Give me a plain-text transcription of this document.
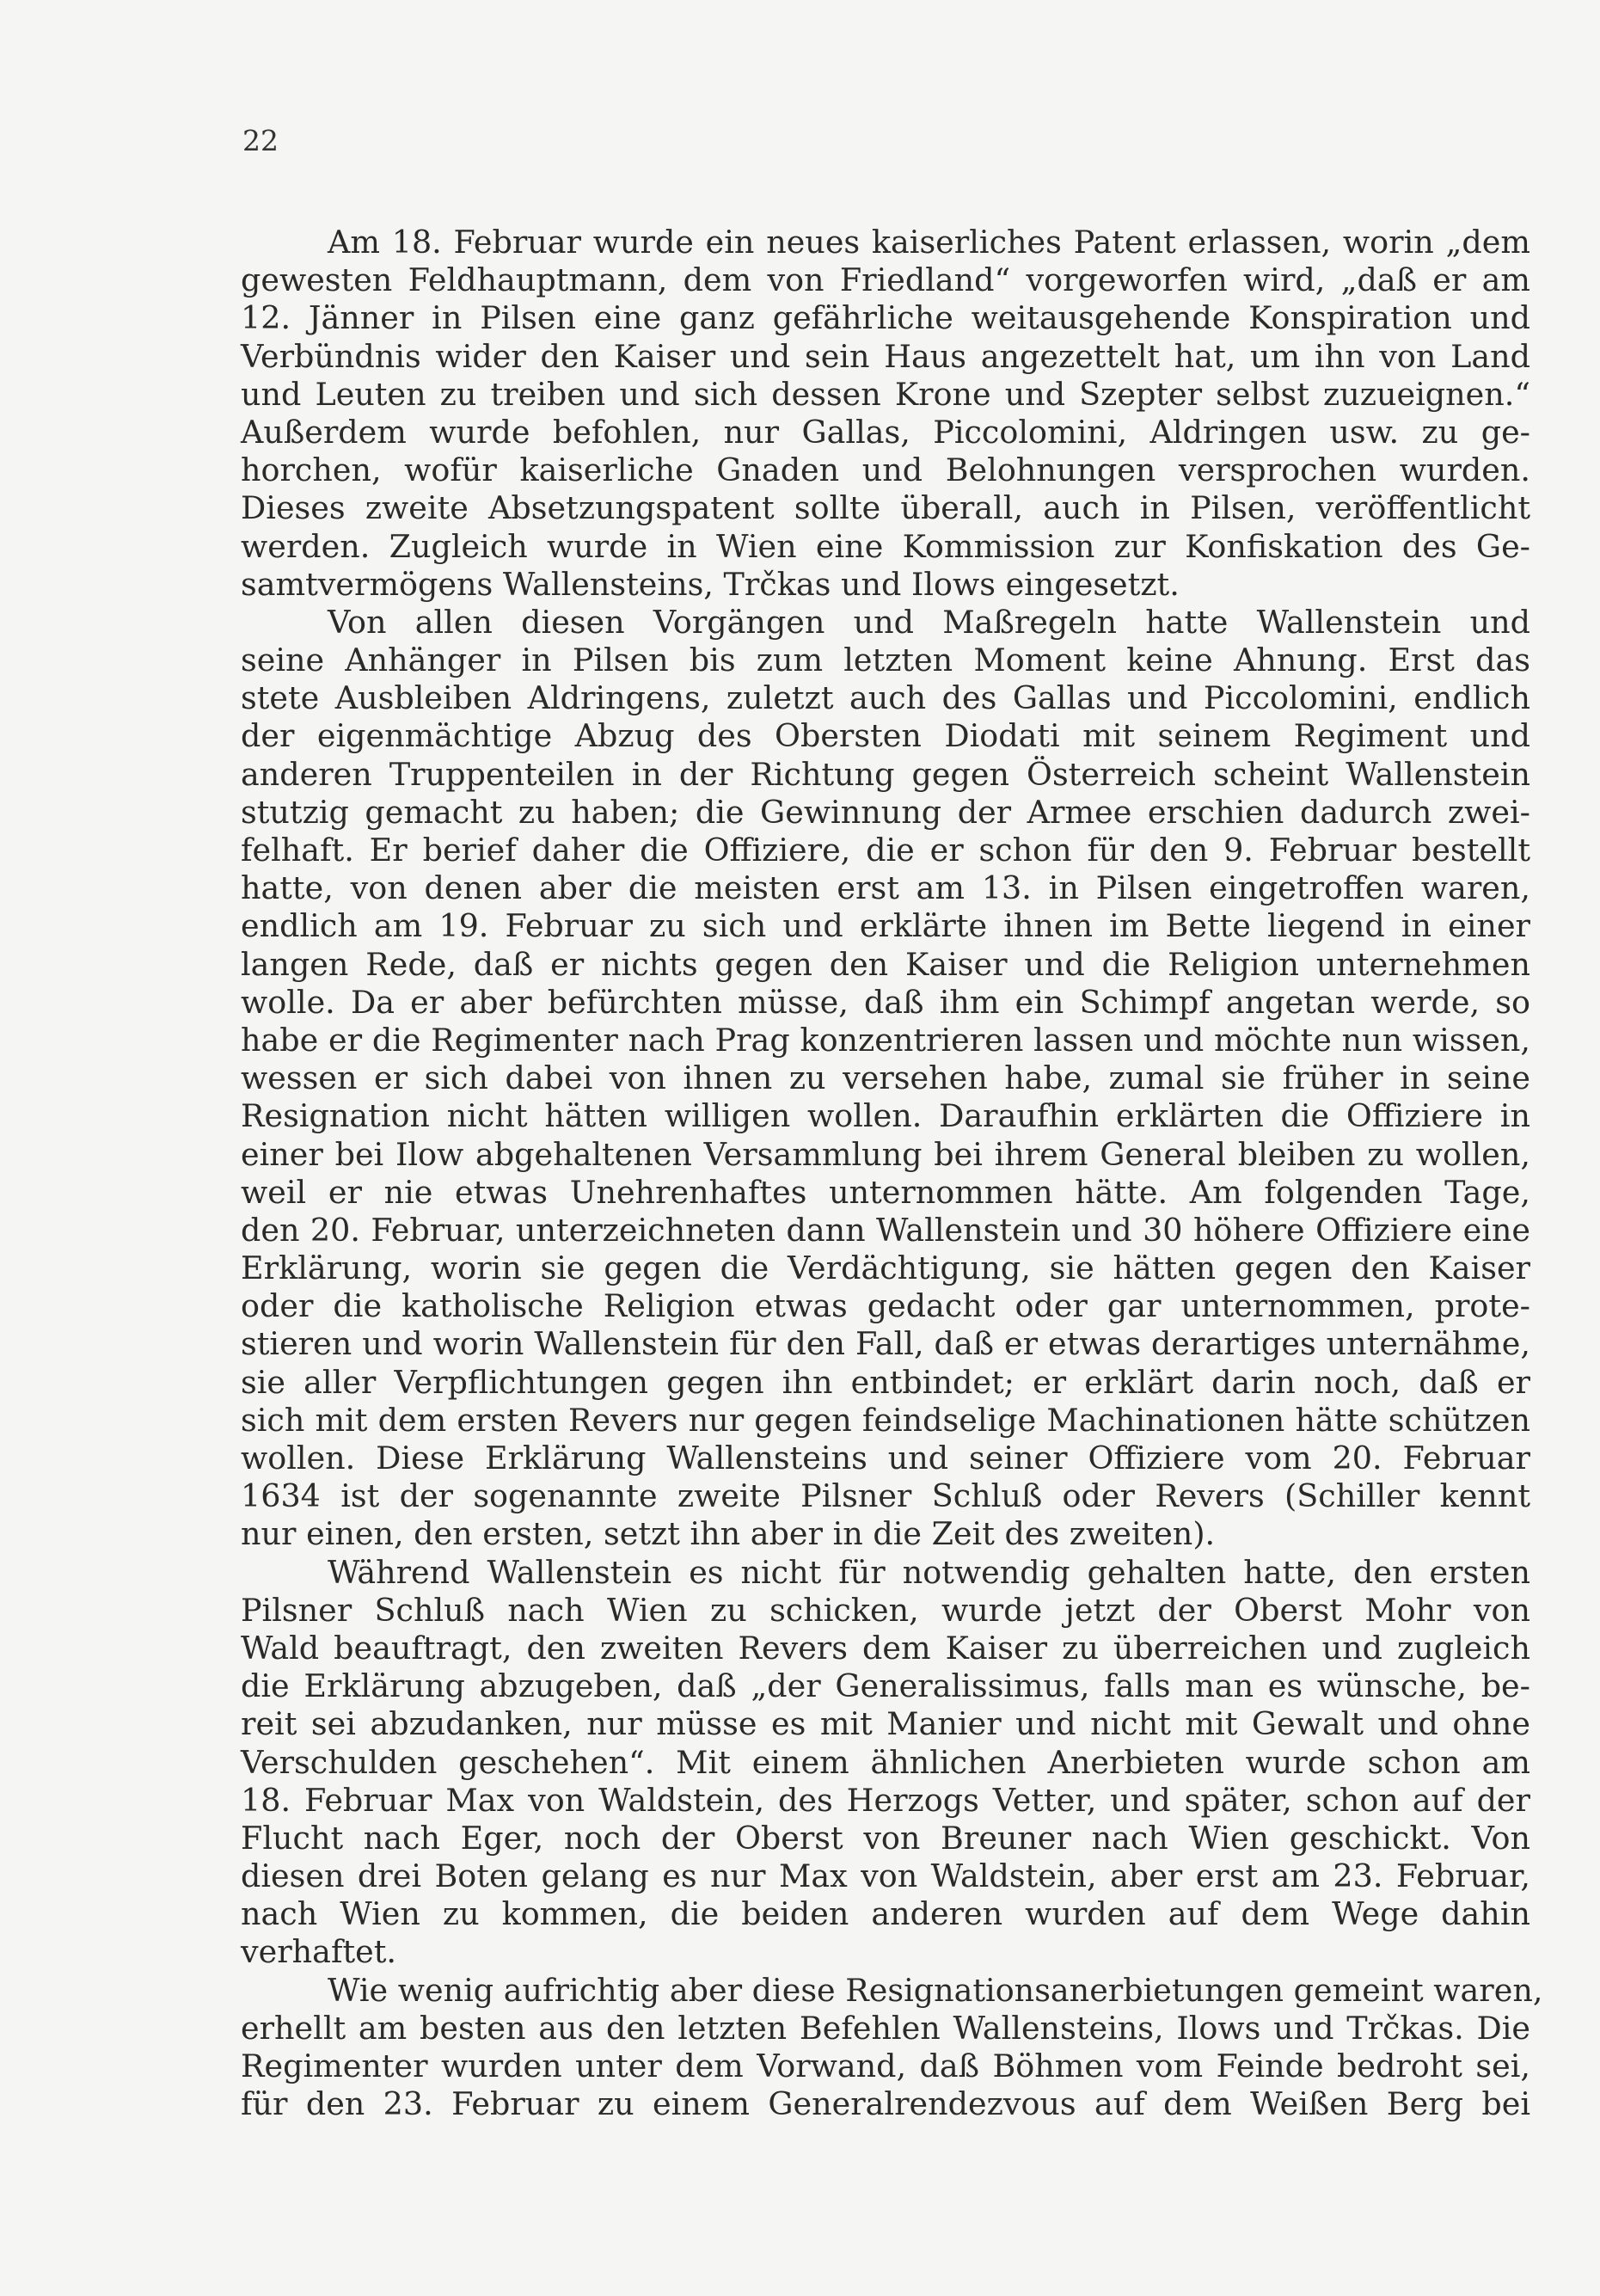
22
Am 18. Februar wurde ein neues kaiserliches Patent erlassen, worin „dem
gewesten Feldhauptmann, dem von Friedland“ vorgeworfen wird, „daß er am
12. Jänner in Pilsen eine ganz gefährliche weitausgehende Konspiration und
Verbündnis wider den Kaiser und sein Haus angezettelt hat, um ihn von Land
und Leuten zu treiben und sich dessen Krone und Szepter selbst zuzueignen.“
Außerdem wurde befohlen, nur Gallas, Piccolomini, Aldringen usw. zu ge-
horchen, wofür kaiserliche Gnaden und Belohnungen versprochen wurden.
Dieses zweite Absetzungspatent sollte überall, auch in Pilsen, veröffentlicht
werden. Zugleich wurde in Wien eine Kommission zur Konfiskation des Ge-
samtvermögens Wallensteins, Trčkas und Ilows eingesetzt.
Von allen diesen Vorgängen und Maßregeln hatte Wallenstein und
seine Anhänger in Pilsen bis zum letzten Moment keine Ahnung. Erst das
stete Ausbleiben Aldringens, zuletzt auch des Gallas und Piccolomini, endlich
der eigenmächtige Abzug des Obersten Diodati mit seinem Regiment und
anderen Truppenteilen in der Richtung gegen Österreich scheint Wallenstein
stutzig gemacht zu haben; die Gewinnung der Armee erschien dadurch zwei-
felhaft. Er berief daher die Offiziere, die er schon für den 9. Februar bestellt
hatte, von denen aber die meisten erst am 13. in Pilsen eingetroffen waren,
endlich am 19. Februar zu sich und erklärte ihnen im Bette liegend in einer
langen Rede, daß er nichts gegen den Kaiser und die Religion unternehmen
wolle. Da er aber befürchten müsse, daß ihm ein Schimpf angetan werde, so
habe er die Regimenter nach Prag konzentrieren lassen und möchte nun wissen,
wessen er sich dabei von ihnen zu versehen habe, zumal sie früher in seine
Resignation nicht hätten willigen wollen. Daraufhin erklärten die Offiziere in
einer bei Ilow abgehaltenen Versammlung bei ihrem General bleiben zu wollen,
weil er nie etwas Unehrenhaftes unternommen hätte. Am folgenden Tage,
den 20. Februar, unterzeichneten dann Wallenstein und 30 höhere Offiziere eine
Erklärung, worin sie gegen die Verdächtigung, sie hätten gegen den Kaiser
oder die katholische Religion etwas gedacht oder gar unternommen, prote-
stieren und worin Wallenstein für den Fall, daß er etwas derartiges unternähme,
sie aller Verpflichtungen gegen ihn entbindet; er erklärt darin noch, daß er
sich mit dem ersten Revers nur gegen feindselige Machinationen hätte schützen
wollen. Diese Erklärung Wallensteins und seiner Offiziere vom 20. Februar
1634 ist der sogenannte zweite Pilsner Schluß oder Revers (Schiller kennt
nur einen, den ersten, setzt ihn aber in die Zeit des zweiten).
Während Wallenstein es nicht für notwendig gehalten hatte, den ersten
Pilsner Schluß nach Wien zu schicken, wurde jetzt der Oberst Mohr von
Wald beauftragt, den zweiten Revers dem Kaiser zu überreichen und zugleich
die Erklärung abzugeben, daß „der Generalissimus, falls man es wünsche, be-
reit sei abzudanken, nur müsse es mit Manier und nicht mit Gewalt und ohne
Verschulden geschehen“. Mit einem ähnlichen Anerbieten wurde schon am
18. Februar Max von Waldstein, des Herzogs Vetter, und später, schon auf der
Flucht nach Eger, noch der Oberst von Breuner nach Wien geschickt. Von
diesen drei Boten gelang es nur Max von Waldstein, aber erst am 23. Februar,
nach Wien zu kommen, die beiden anderen wurden auf dem Wege dahin
verhaftet.
Wie wenig aufrichtig aber diese Resignationsanerbietungen gemeint waren,
erhellt am besten aus den letzten Befehlen Wallensteins, Ilows und Trčkas. Die
Regimenter wurden unter dem Vorwand, daß Böhmen vom Feinde bedroht sei,
für den 23. Februar zu einem Generalrendezvous auf dem Weißen Berg bei
